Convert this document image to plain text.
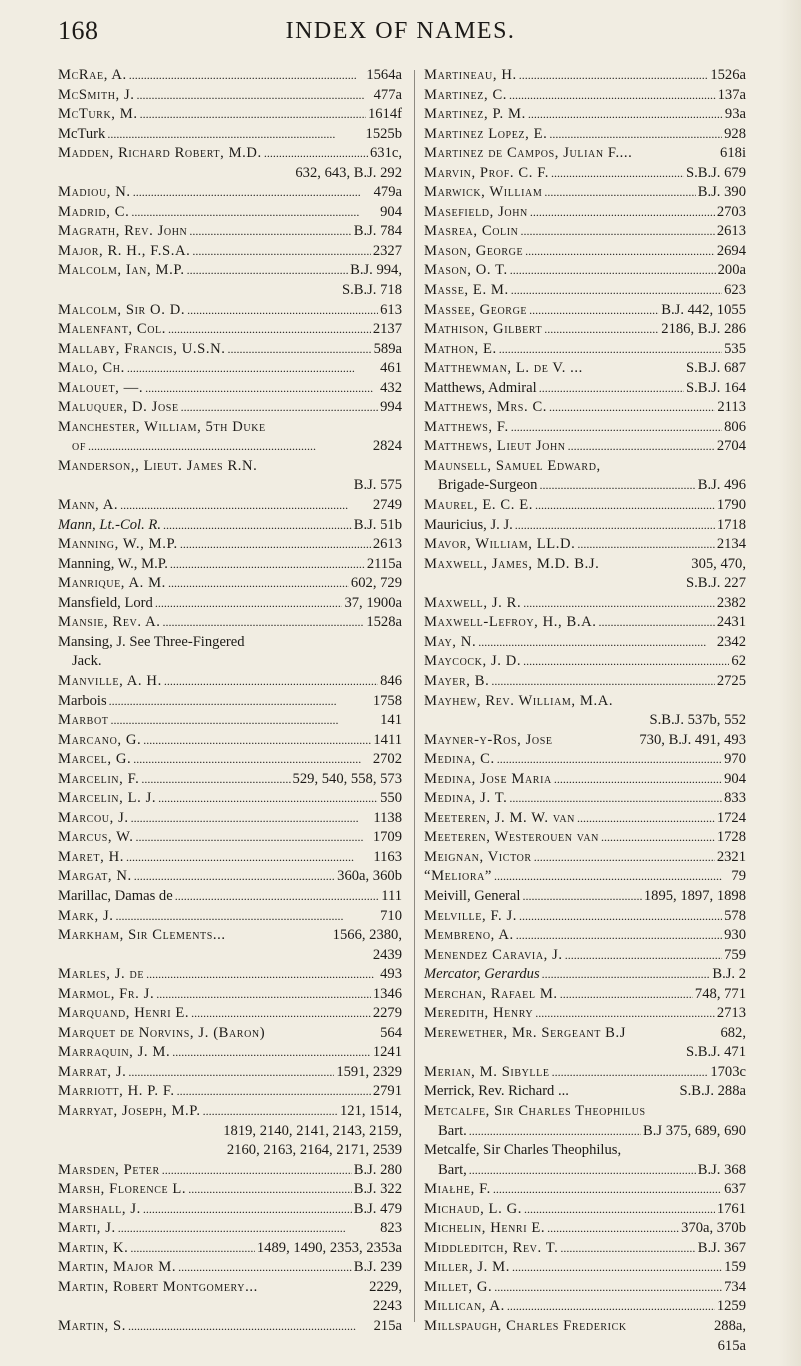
168	INDEX OF NAMES.
McRae, A. . . .	1564a
McSmith, J. . . .	477a
McTurk, M. . . .	1614f
McTurk . . .	1525b
Madden, Richard Robert, M.D. . . .	631c,
632, 643, B.J. 292
Madiou, N. . . .	479a
Madrid, C. . . .	904
Magrath, Rev. John . . .	B.J. 784
Major, R. H., F.S.A. . . .	2327
Malcolm, Ian, M.P. . . .	B.J. 994,
S.B.J. 718
Malcolm, Sir O. D. . . .	613
Malenfant, Col. . . .	2137
Mallaby, Francis, U.S.N. . . .	589a
Malo, Ch. . . .	461
Malouet, —. . . .	432
Maluquer, D. Jose . . .	994
Manchester, William, 5th Duke
of . . .	2824
Manderson,, Lieut. James R.N.
B.J. 575
Mann, A. . . .	2749
Mann, Lt.-Col. R. . . .	B.J. 51b
Manning, W., M.P. . . .	2613
Manning, W., M.P. . . .	2115a
Manrique, A. M. . . .	602, 729
Mansfield, Lord . . .	37, 1900a
Mansie, Rev. A. . . .	1528a
Mansing, J. See Three-Fingered
Jack.
Manville, A. H. . . .	846
Marbois . . .	1758
Marbot . . .	141
Marcano, G. . . .	1411
Marcel, G. . . .	2702
Marcelin, F. . . .	529, 540, 558, 573
Marcelin, L. J. . . .	550
Marcou, J. . . .	1138
Marcus, W. . . .	1709
Maret, H. . . .	1163
Margat, N. . . .	360a, 360b
Marillac, Damas de . . .	111
Mark, J. . . .	710
Markham, Sir Clements...	1566, 2380,
2439
Marles, J. de . . .	493
Marmol, Fr. J. . . .	1346
Marquand, Henri E. . . .	2279
Marquet de Norvins, J. (Baron)	564
Marraquin, J. M. . . .	1241
Marrat, J. . . .	1591, 2329
Marriott, H. P. F. . . .	2791
Marryat, Joseph, M.P. . . .	121, 1514,
1819, 2140, 2141, 2143, 2159,
2160, 2163, 2164, 2171, 2539
Marsden, Peter . . .	B.J. 280
Marsh, Florence L. . . .	B.J. 322
Marshall, J. . . .	B.J. 479
Marti, J. . . .	823
Martin, K. . . .	1489, 1490, 2353, 2353a
Martin, Major M. . . .	B.J. 239
Martin, Robert Montgomery...	2229,
2243
Martin, S. . . .	215a
Martineau, H. . . .	1526a
Martinez, C. . . .	137a
Martinez, P. M. . . .	93a
Martinez Lopez, E. . . .	928
Martinez de Campos, Julian F....	618i
Marvin, Prof. C. F. . . .	S.B.J. 679
Marwick, William . . .	B.J. 390
Masefield, John . . .	2703
Masrea, Colin . . .	2613
Mason, George . . .	2694
Mason, O. T. . . .	200a
Masse, E. M. . . .	623
Massee, George . . .	B.J. 442, 1055
Mathison, Gilbert . . .	2186, B.J. 286
Mathon, E. . . .	535
Matthewman, L. de V. ...	S.B.J. 687
Matthews, Admiral . . .	S.B.J. 164
Matthews, Mrs. C. . . .	2113
Matthews, F. . . .	806
Matthews, Lieut John . . .	2704
Maunsell, Samuel Edward,
Brigade-Surgeon . . .	B.J. 496
Maurel, E. C. E. . . .	1790
Mauricius, J. J. . . .	1718
Mavor, William, LL.D. . . .	2134
Maxwell, James, M.D. B.J.	305, 470,
S.B.J. 227
Maxwell, J. R. . . .	2382
Maxwell-Lefroy, H., B.A. . . .	2431
May, N. . . .	2342
Maycock, J. D. . . .	62
Mayer, B. . . .	2725
Mayhew, Rev. William, M.A.
S.B.J. 537b, 552
Mayner-y-Ros, Jose	730, B.J. 491, 493
Medina, C. . . .	970
Medina, Jose Maria . . .	904
Medina, J. T. . . .	833
Meeteren, J. M. W. van . . .	1724
Meeteren, Westerouen van . . .	1728
Meignan, Victor . . .	2321
“Meliora” . . .	79
Meivill, General . . .	1895, 1897, 1898
Melville, F. J. . . .	578
Membreno, A. . . .	930
Menendez Caravia, J. . . .	759
Mercator, Gerardus . . .	B.J. 2
Merchan, Rafael M. . . .	748, 771
Meredith, Henry . . .	2713
Merewether, Mr. Sergeant B.J	682,
S.B.J. 471
Merian, M. Sibylle . . .	1703c
Merrick, Rev. Richard ...	S.B.J. 288a
Metcalfe, Sir Charles Theophilus
Bart. . . .	B.J 375, 689, 690
Metcalfe, Sir Charles Theophilus,
Bart, . . .	B.J. 368
Miałhe, F. . . .	637
Michaud, L. G. . . .	1761
Michelin, Henri E. . . .	370a, 370b
Middleditch, Rev. T. . . .	B.J. 367
Miller, J. M. . . .	159
Millet, G. . . .	734
Millican, A. . . .	1259
Millspaugh, Charles Frederick	288a,
615a
